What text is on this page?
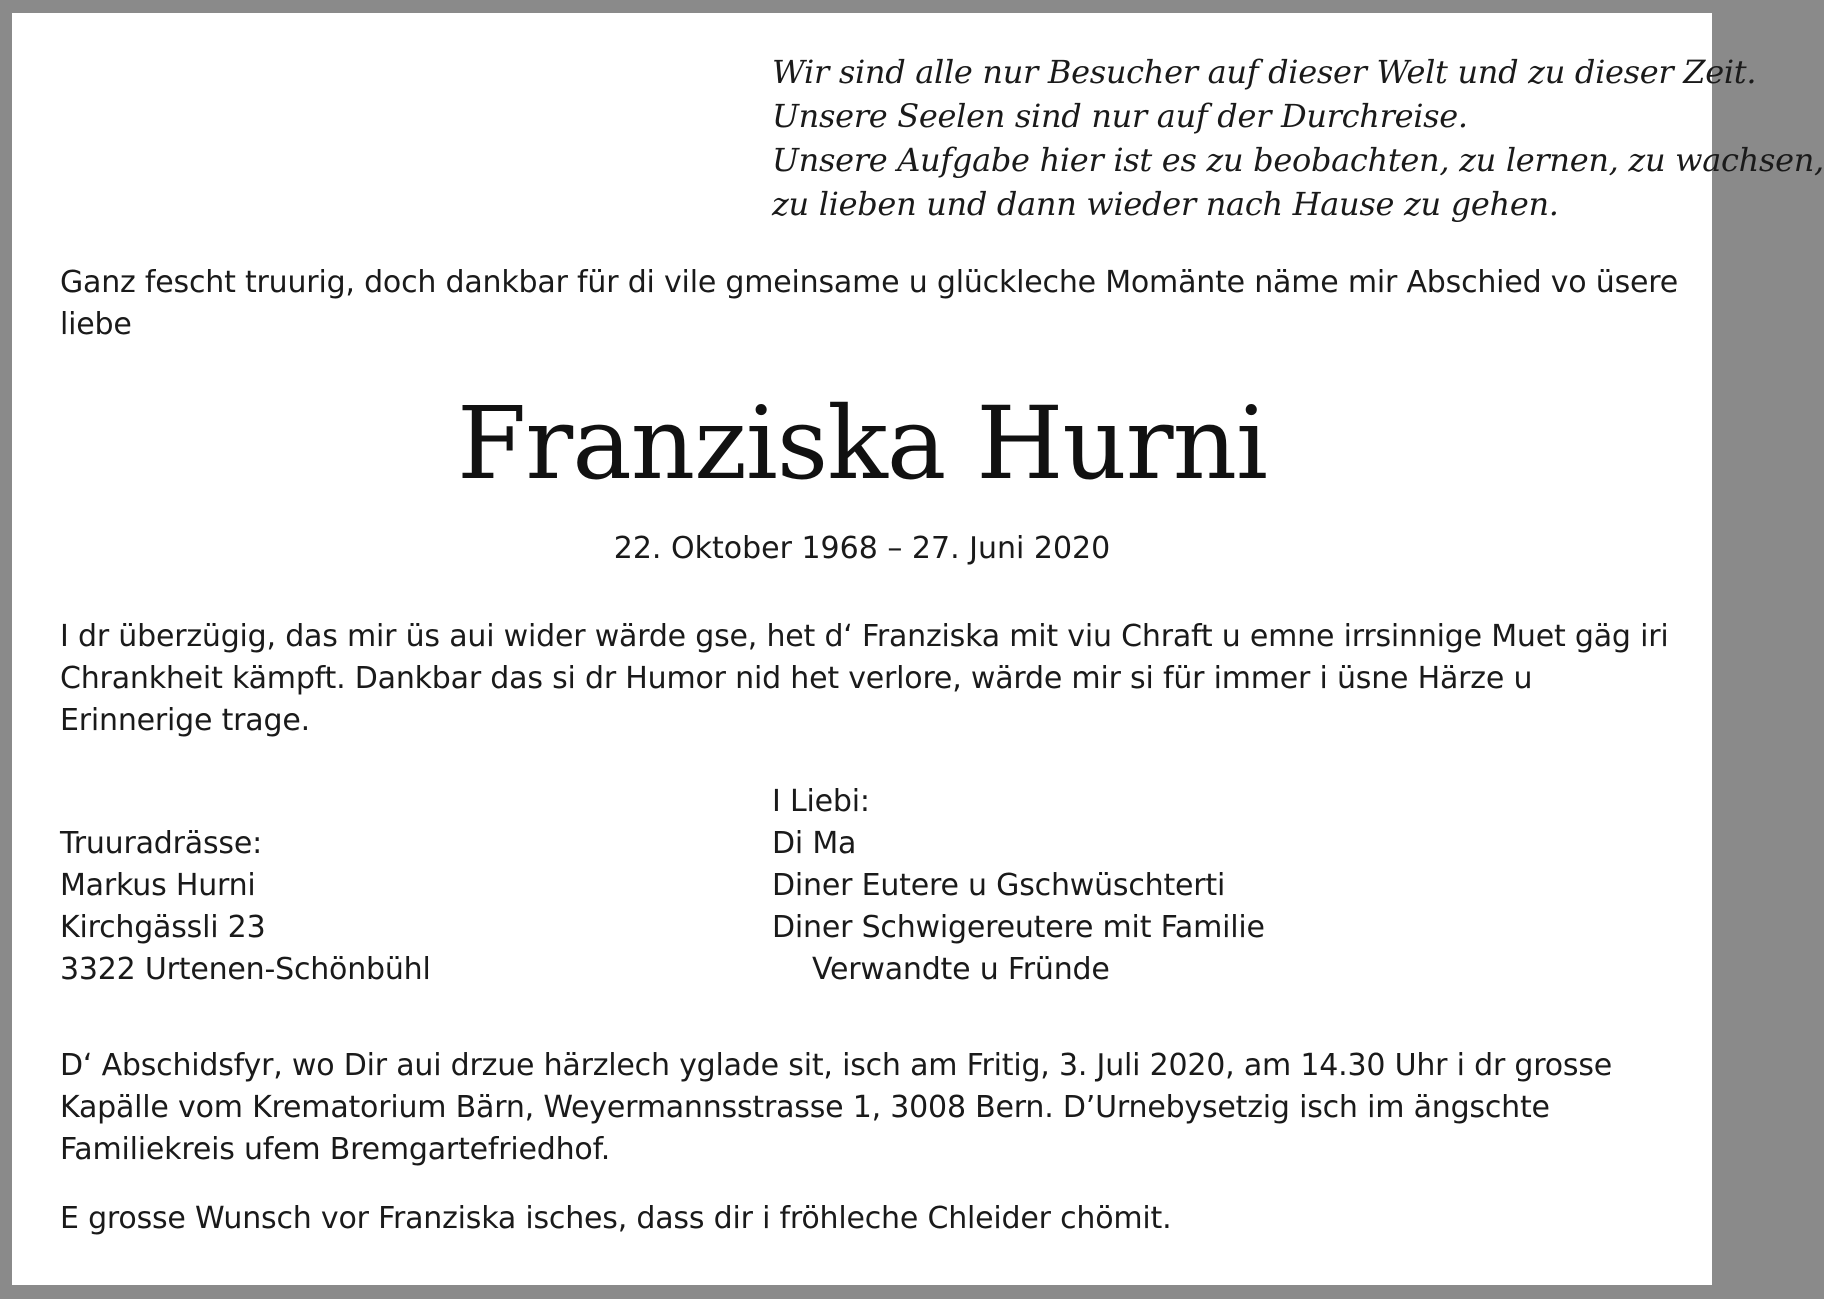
Wir sind alle nur Besucher auf dieser Welt und zu dieser Zeit.
Unsere Seelen sind nur auf der Durchreise.
Unsere Aufgabe hier ist es zu beobachten, zu lernen, zu wachsen,
zu lieben und dann wieder nach Hause zu gehen.
Ganz fescht truurig, doch dankbar für di vile gmeinsame u glückleche Momänte näme mir Abschied vo üsere liebe
Franziska Hurni
22. Oktober 1968 – 27. Juni 2020
I dr überzügig, das mir üs aui wider wärde gse, het d‘ Franziska mit viu Chraft u emne irrsinnige Muet gäg iri Chrankheit kämpft. Dankbar das si dr Humor nid het verlore, wärde mir si für immer i üsne Härze u Erinnerige trage.
Truuradrässe:
Markus Hurni
Kirchgässli 23
3322 Urtenen-Schönbühl
I Liebi:
Di Ma
Diner Eutere u Gschwüschterti
Diner Schwigereutere mit Familie
Verwandte u Fründe
D‘ Abschidsfyr, wo Dir aui drzue härzlech yglade sit, isch am Fritig, 3. Juli 2020, am 14.30 Uhr i dr grosse Kapälle vom Krematorium Bärn, Weyermannsstrasse 1, 3008 Bern. D’Urnebysetzig isch im ängschte Familiekreis ufem Bremgartefriedhof.
E grosse Wunsch vor Franziska isches, dass dir i fröhleche Chleider chömit.
